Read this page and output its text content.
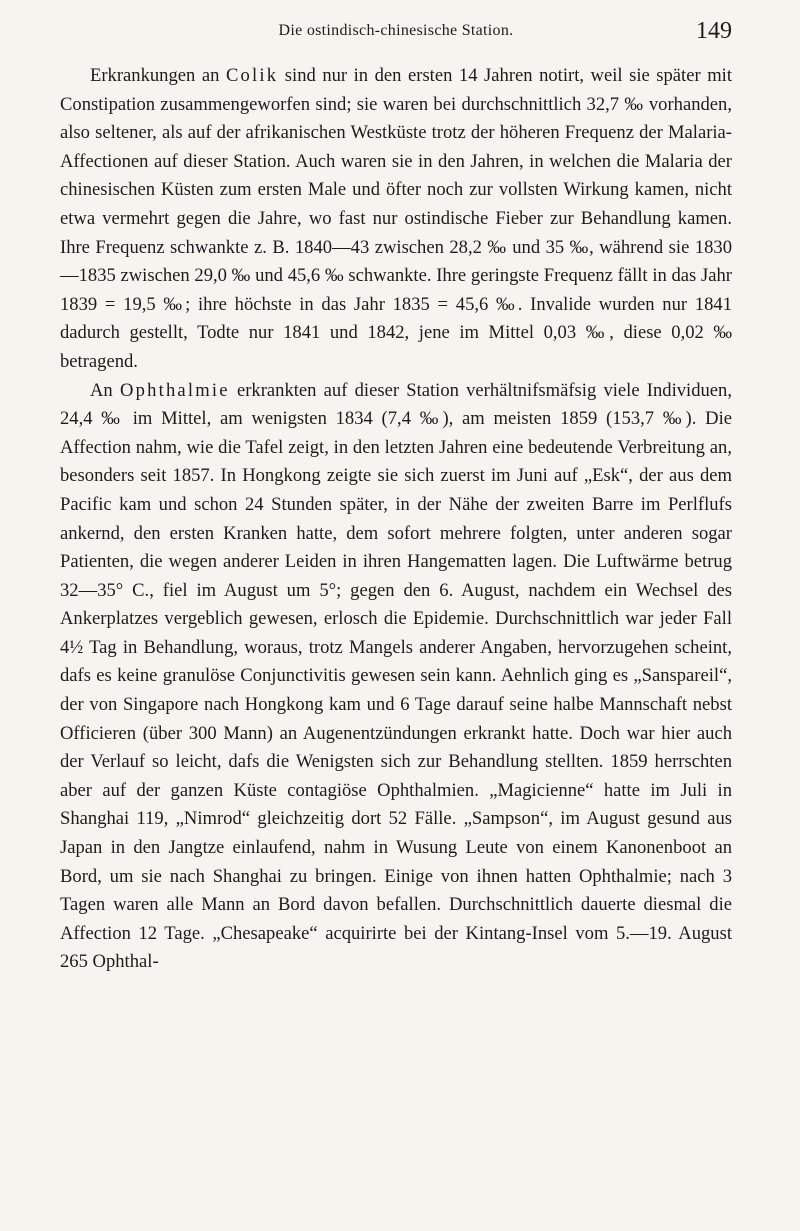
Die ostindisch-chinesische Station.	149

Erkrankungen an Colik sind nur in den ersten 14 Jahren notirt, weil sie später mit Constipation zusammengeworfen sind; sie waren bei durchschnittlich 32,7 ‰ vorhanden, also seltener, als auf der afrikanischen Westküste trotz der höheren Frequenz der Malaria-Affectionen auf dieser Station. Auch waren sie in den Jahren, in welchen die Malaria der chinesischen Küsten zum ersten Male und öfter noch zur vollsten Wirkung kamen, nicht etwa vermehrt gegen die Jahre, wo fast nur ostindische Fieber zur Behandlung kamen. Ihre Frequenz schwankte z. B. 1840—43 zwischen 28,2 ‰ und 35 ‰, während sie 1830—1835 zwischen 29,0 ‰ und 45,6 ‰ schwankte. Ihre geringste Frequenz fällt in das Jahr 1839 = 19,5 ‰; ihre höchste in das Jahr 1835 = 45,6 ‰. Invalide wurden nur 1841 dadurch gestellt, Todte nur 1841 und 1842, jene im Mittel 0,03 ‰, diese 0,02 ‰ betragend.

An Ophthalmie erkrankten auf dieser Station verhältnifsmäfsig viele Individuen, 24,4 ‰ im Mittel, am wenigsten 1834 (7,4 ‰), am meisten 1859 (153,7 ‰). Die Affection nahm, wie die Tafel zeigt, in den letzten Jahren eine bedeutende Verbreitung an, besonders seit 1857. In Hongkong zeigte sie sich zuerst im Juni auf „Esk“, der aus dem Pacific kam und schon 24 Stunden später, in der Nähe der zweiten Barre im Perlflufs ankernd, den ersten Kranken hatte, dem sofort mehrere folgten, unter anderen sogar Patienten, die wegen anderer Leiden in ihren Hangematten lagen. Die Luftwärme betrug 32—35° C., fiel im August um 5°; gegen den 6. August, nachdem ein Wechsel des Ankerplatzes vergeblich gewesen, erlosch die Epidemie. Durchschnittlich war jeder Fall 4½ Tag in Behandlung, woraus, trotz Mangels anderer Angaben, hervorzugehen scheint, dafs es keine granulöse Conjunctivitis gewesen sein kann. Aehnlich ging es „Sanspareil“, der von Singapore nach Hongkong kam und 6 Tage darauf seine halbe Mannschaft nebst Officieren (über 300 Mann) an Augenentzündungen erkrankt hatte. Doch war hier auch der Verlauf so leicht, dafs die Wenigsten sich zur Behandlung stellten. 1859 herrschten aber auf der ganzen Küste contagiöse Ophthalmien. „Magicienne“ hatte im Juli in Shanghai 119, „Nimrod“ gleichzeitig dort 52 Fälle. „Sampson“, im August gesund aus Japan in den Jangtze einlaufend, nahm in Wusung Leute von einem Kanonenboot an Bord, um sie nach Shanghai zu bringen. Einige von ihnen hatten Ophthalmie; nach 3 Tagen waren alle Mann an Bord davon befallen. Durchschnittlich dauerte diesmal die Affection 12 Tage. „Chesapeake“ acquirirte bei der Kintang-Insel vom 5.—19. August 265 Ophthal-
